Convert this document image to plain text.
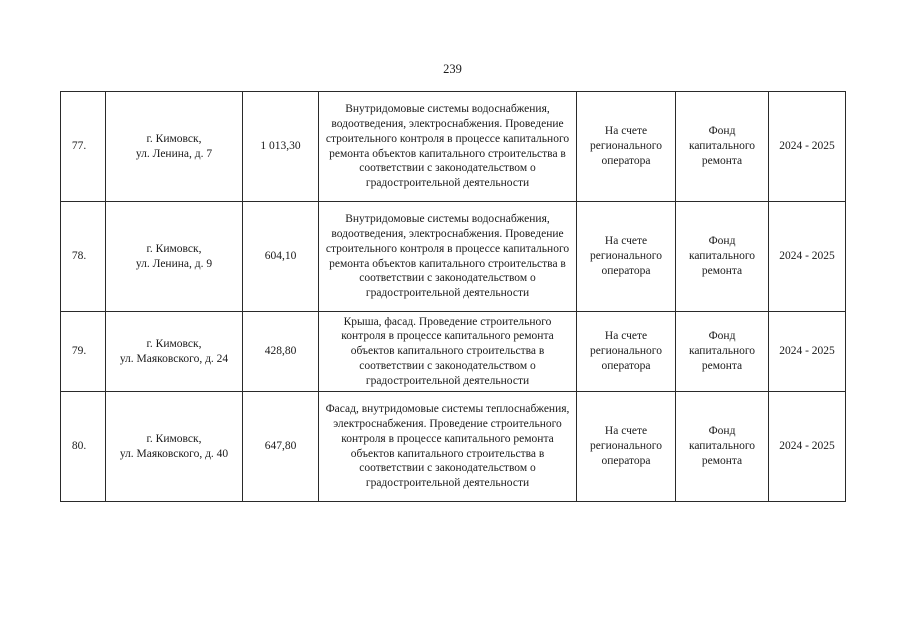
239
77.	г. Кимовск,
ул. Ленина, д. 7	1 013,30	Внутридомовые системы водоснабжения, водоотведения, электроснабжения. Проведение строительного контроля в процессе капитального ремонта объектов капитального строительства в соответствии с законодательством о градостроительной деятельности	На счете регионального оператора	Фонд капитального ремонта	2024 - 2025
78.	г. Кимовск,
ул. Ленина, д. 9	604,10	Внутридомовые системы водоснабжения, водоотведения, электроснабжения. Проведение строительного контроля в процессе капитального ремонта объектов капитального строительства в соответствии с законодательством о градостроительной деятельности	На счете регионального оператора	Фонд капитального ремонта	2024 - 2025
79.	г. Кимовск,
ул. Маяковского, д. 24	428,80	Крыша, фасад. Проведение строительного контроля в процессе капитального ремонта объектов капитального строительства в соответствии с законодательством о градостроительной деятельности	На счете регионального оператора	Фонд капитального ремонта	2024 - 2025
80.	г. Кимовск,
ул. Маяковского, д. 40	647,80	Фасад, внутридомовые системы теплоснабжения, электроснабжения. Проведение строительного контроля в процессе капитального ремонта объектов капитального строительства в соответствии с законодательством о градостроительной деятельности	На счете регионального оператора	Фонд капитального ремонта	2024 - 2025
